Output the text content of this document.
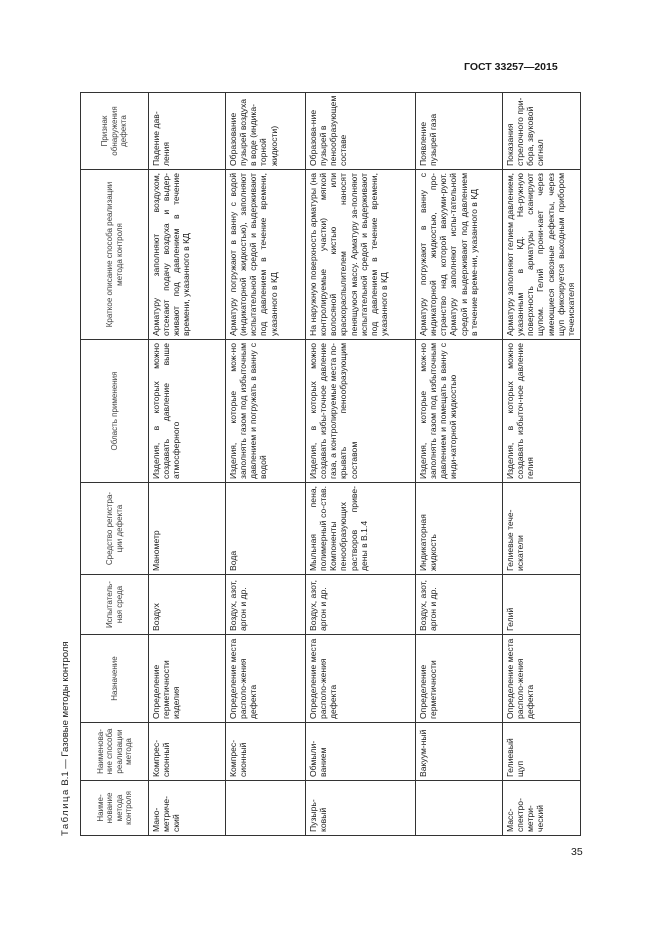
ГОСТ 33257—2015
Таблица В.1 — Газовые методы контроля
Наиме-нование метода контроля	Наименова-ние способа реализации метода	Назначение	Испытатель-ная среда	Средство регистра-ции дефекта	Область применения	Краткое описание способа реализации метода контроля	Признак обнаружения дефекта
Мано-метриче-ский	Компрес-сионный	Определение герметичности изделия	Воздух	Манометр	Изделия, в которых можно создавать давление выше атмосферного	Арматуру заполняют воздухом, отсекают подачу воздуха и выдер-живают под давлением в течение времени, указанного в КД	Падение дав-ления
	Компрес-сионный	Определение места располо-жения дефекта	Воздух, азот, аргон и др.	Вода	Изделия, которые мож-но заполнять газом под избыточным давлением и погружать в ванну с водой	Арматуру погружают в ванну с водой (индикаторной жидкостью), заполняют испытательной средой и выдерживают под давлением в течение времени, указанного в КД	Образование пузырей воздуха в воде (индика-торной жидкости)
Пузырь-ковый	Обмыли-ванием	Определение места располо-жения дефекта	Воздух, азот, аргон и др.	Мыльная пена, полимерный со-став. Компоненты пенообразующих растворов приве-дены в В.1.4	Изделия, в которых можно создавать избы-точное давление газа, а контролируемые места по-крывать пенообразующим составом	На наружную поверхность арматуры (на контролируемые участки) мягкой волосяной кистью или краскораспылителем наносят пенящуюся массу. Арматуру за-полняют испытательной средой и выдерживают под давлением в течение времени, указанного в КД	Образова-ние пузырей в пенообразующем составе
	Вакуум-ный	Определение герметичности	Воздух, азот, аргон и др.	Индикаторная жидкость	Изделия, которые мож-но заполнять газом под избыточным давлением и помещать в ванну с инди-каторной жидкостью	Арматуру погружают в ванну с индикаторной жидкостью, про-странство над которой вакууми-руют. Арматуру заполняют испы-тательной средой и выдерживают под давлением в течение време-ни, указанного в КД	Появление пузырей газа
Масс-спектро-метри-ческий	Гелиевый щуп	Определение места располо-жения дефекта	Гелий	Гелиевые тече-искатели	Изделия, в которых можно создавать избыточ-ное давление гелия	Арматуру заполняют гелием давлением, указанным в КД. На-ружную поверхность арматуры сканируют щупом. Гелий прони-кает через имеющиеся сквозные дефекты, через щуп фиксируется выходным прибором течеискателя	Показания стрелочного при-бора, звуковой сигнал
35
